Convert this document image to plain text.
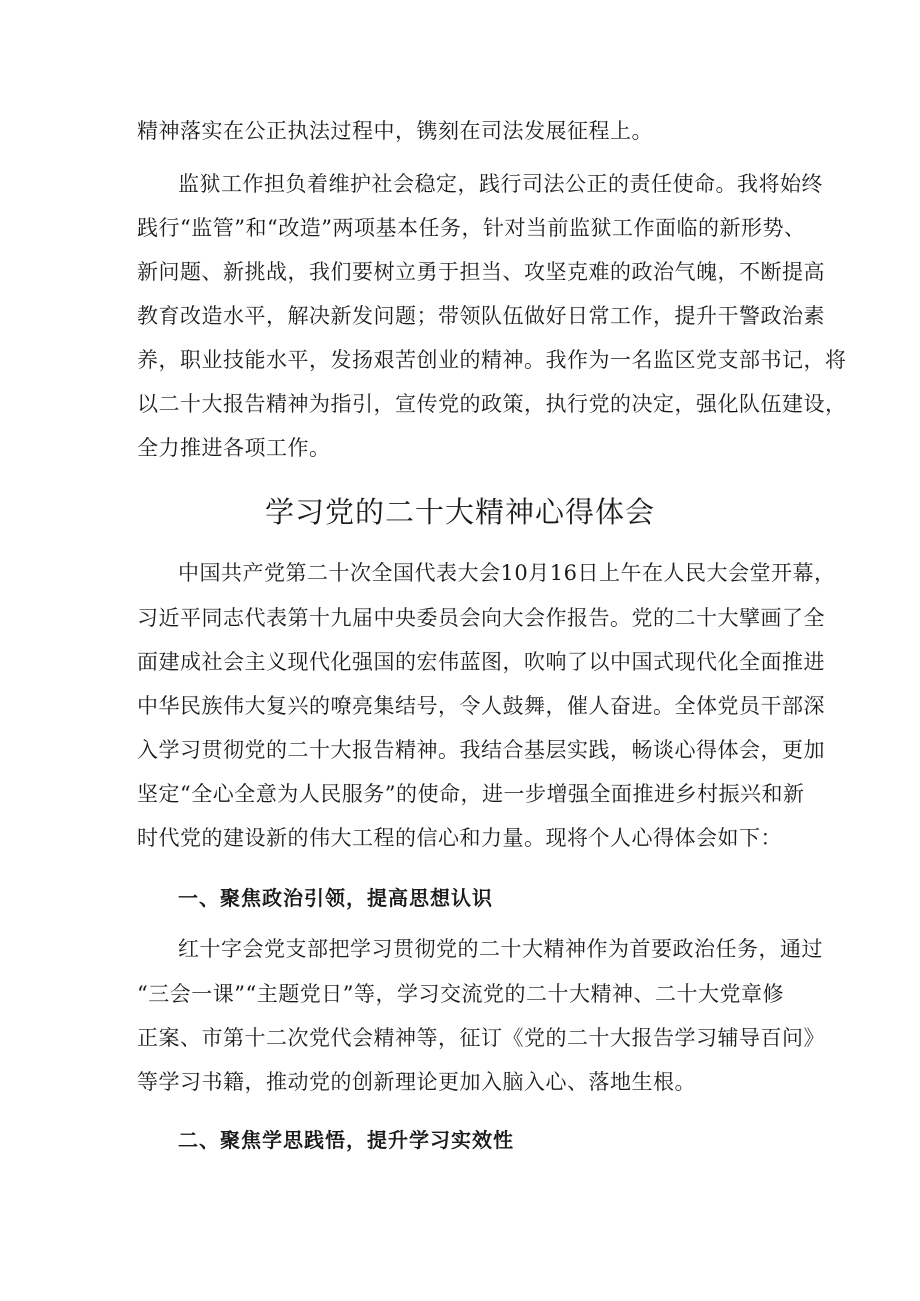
精神落实在公正执法过程中，镌刻在司法发展征程上。
监狱工作担负着维护社会稳定，践行司法公正的责任使命。我将始终
践行“监管”和“改造”两项基本任务，针对当前监狱工作面临的新形势、
新问题、新挑战，我们要树立勇于担当、攻坚克难的政治气魄，不断提高
教育改造水平，解决新发问题；带领队伍做好日常工作，提升干警政治素
养，职业技能水平，发扬艰苦创业的精神。我作为一名监区党支部书记，将
以二十大报告精神为指引，宣传党的政策，执行党的决定，强化队伍建设，
全力推进各项工作。
学习党的二十大精神心得体会
中国共产党第二十次全国代表大会10月16日上午在人民大会堂开幕，
习近平同志代表第十九届中央委员会向大会作报告。党的二十大擘画了全
面建成社会主义现代化强国的宏伟蓝图，吹响了以中国式现代化全面推进
中华民族伟大复兴的嘹亮集结号，令人鼓舞，催人奋进。全体党员干部深
入学习贯彻党的二十大报告精神。我结合基层实践，畅谈心得体会，更加
坚定“全心全意为人民服务”的使命，进一步增强全面推进乡村振兴和新
时代党的建设新的伟大工程的信心和力量。现将个人心得体会如下：
一、聚焦政治引领，提高思想认识
红十字会党支部把学习贯彻党的二十大精神作为首要政治任务，通过
“三会一课”“主题党日”等，学习交流党的二十大精神、二十大党章修
正案、市第十二次党代会精神等，征订《党的二十大报告学习辅导百问》
等学习书籍，推动党的创新理论更加入脑入心、落地生根。
二、聚焦学思践悟，提升学习实效性
